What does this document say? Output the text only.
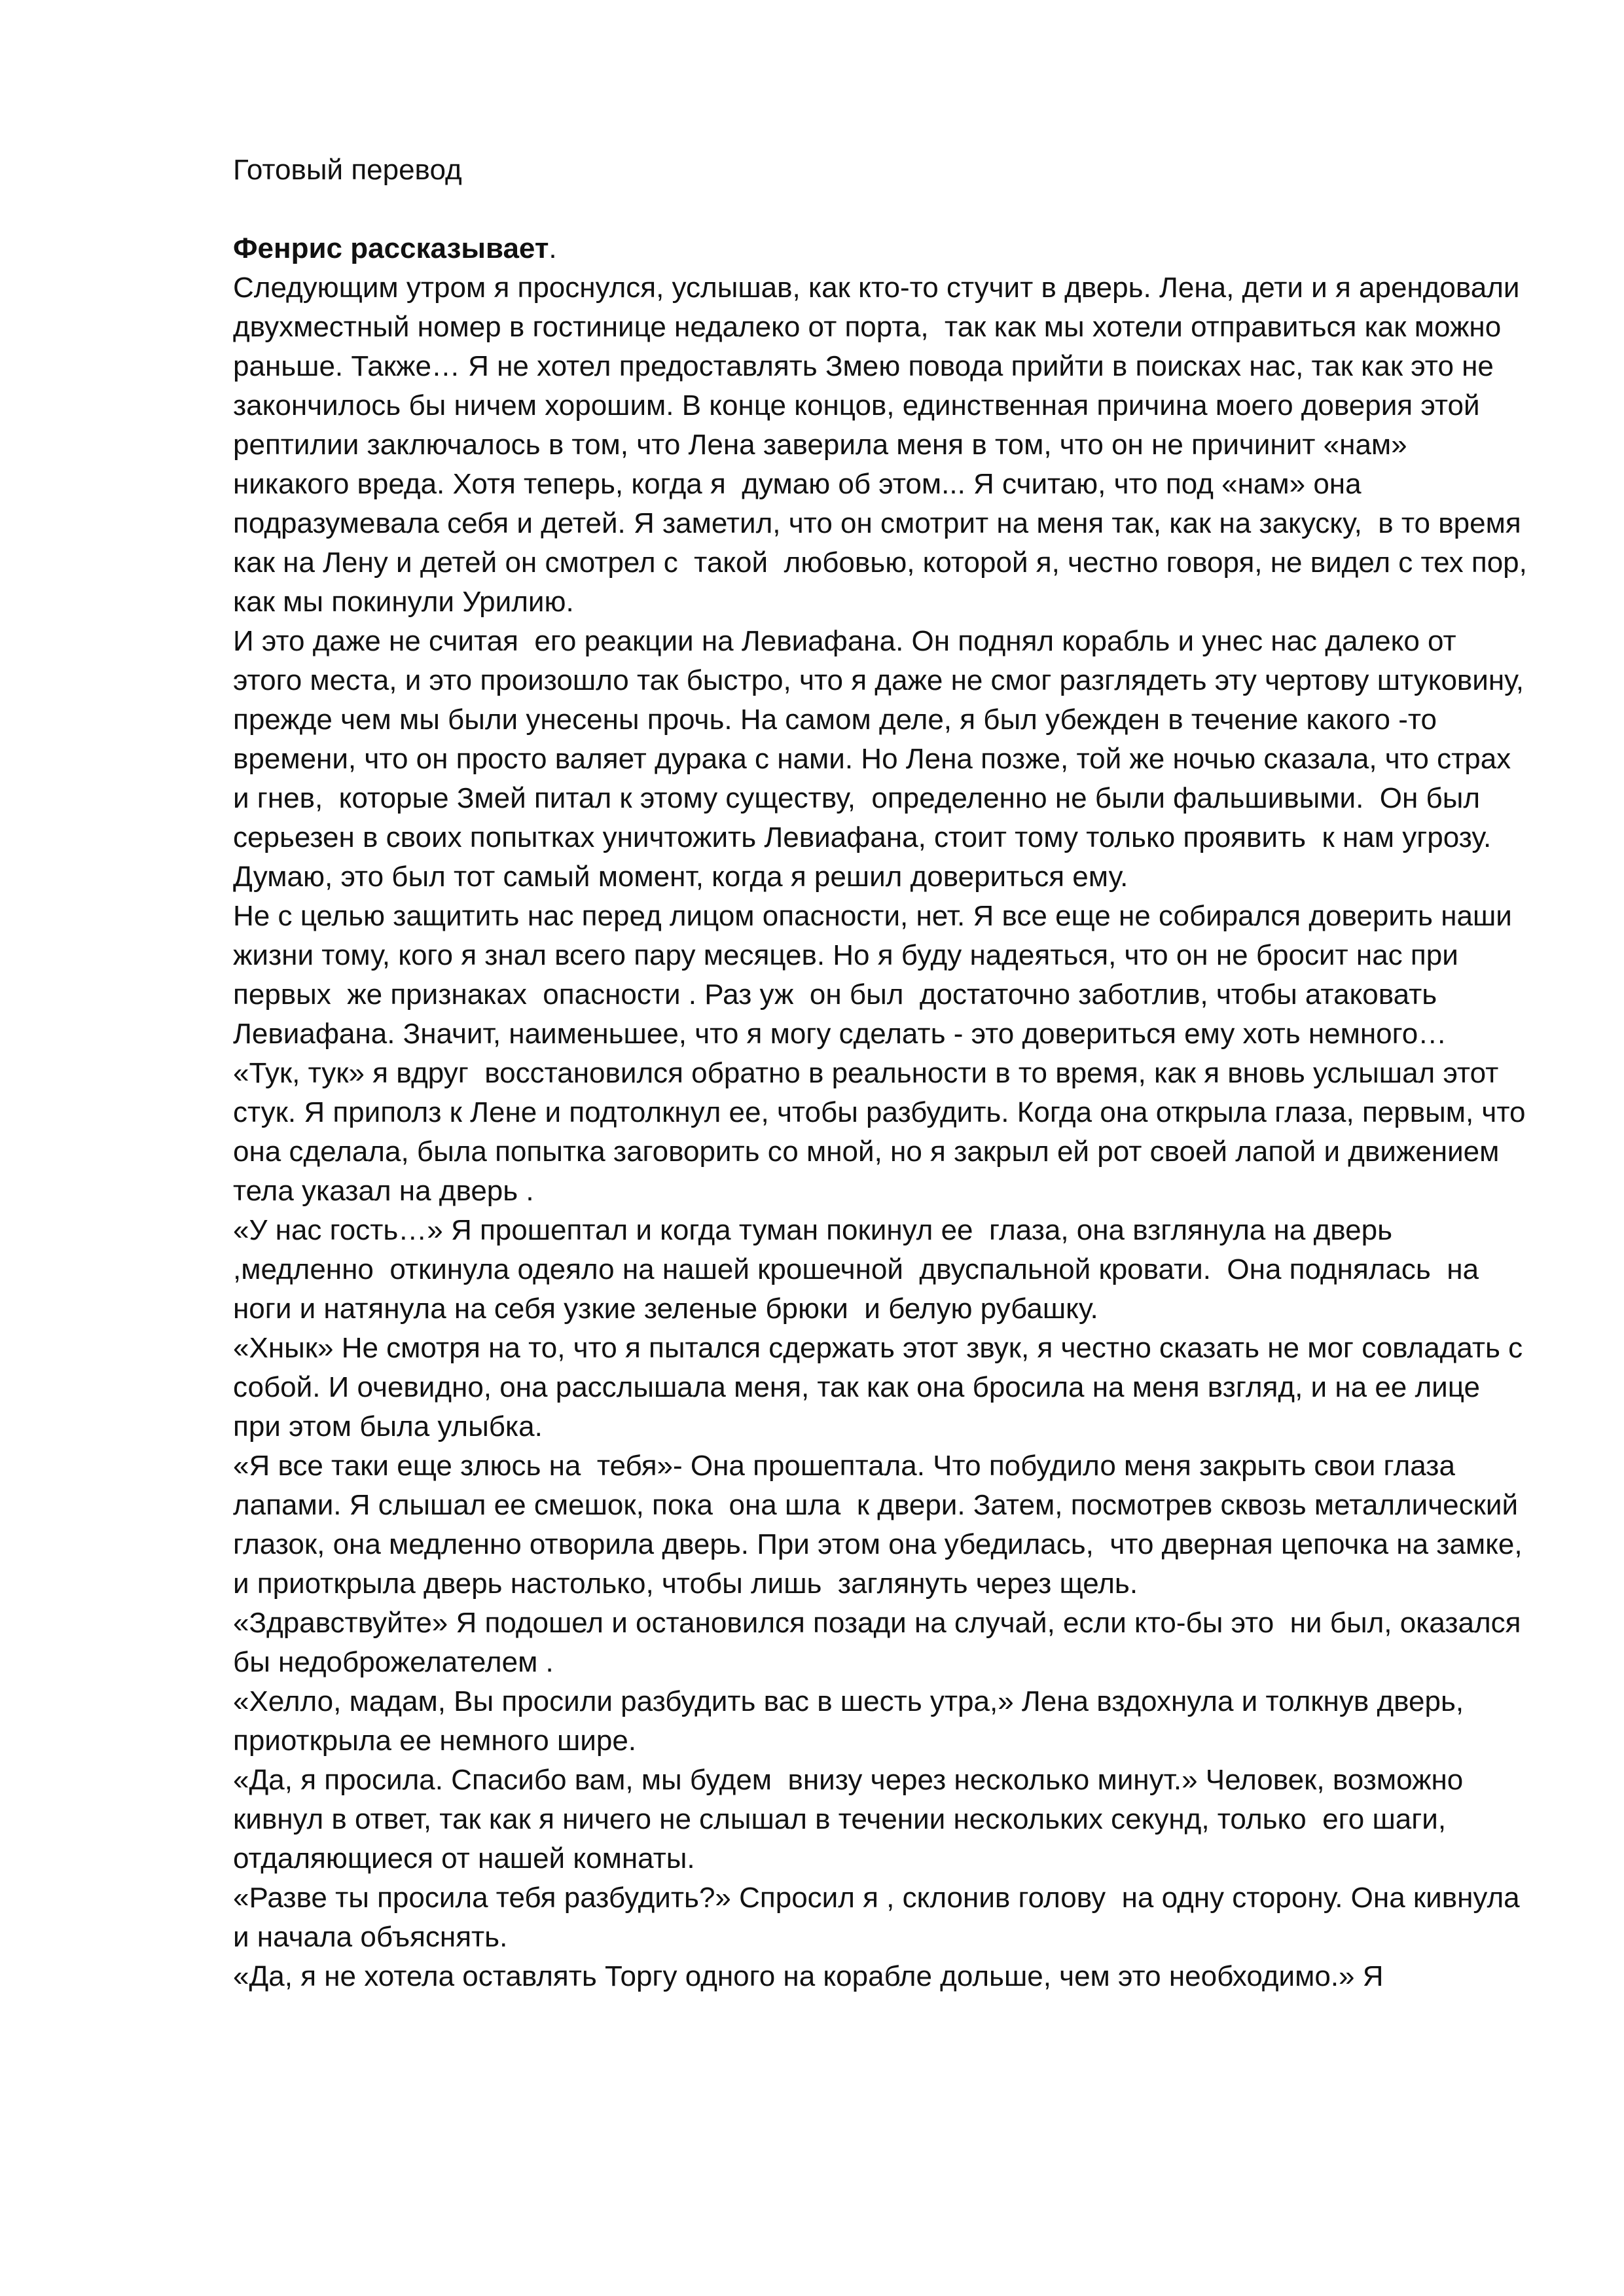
Готовый перевод

Фенрис рассказывает.

Следующим утром я проснулся, услышав, как кто-то стучит в дверь. Лена, дети и я арендовали двухместный номер в гостинице недалеко от порта,  так как мы хотели отправиться как можно раньше. Также… Я не хотел предоставлять Змею повода прийти в поисках нас, так как это не закончилось бы ничем хорошим. В конце концов, единственная причина моего доверия этой рептилии заключалось в том, что Лена заверила меня в том, что он не причинит «нам» никакого вреда. Хотя теперь, когда я  думаю об этом... Я считаю, что под «нам» она подразумевала себя и детей. Я заметил, что он смотрит на меня так, как на закуску,  в то время как на Лену и детей он смотрел с  такой  любовью, которой я, честно говоря, не видел с тех пор, как мы покинули Урилию.

И это даже не считая  его реакции на Левиафана. Он поднял корабль и унес нас далеко от этого места, и это произошло так быстро, что я даже не смог разглядеть эту чертову штуковину,  прежде чем мы были унесены прочь. На самом деле, я был убежден в течение какого -то времени, что он просто валяет дурака с нами. Но Лена позже, той же ночью сказала, что страх и гнев,  которые Змей питал к этому существу,  определенно не были фальшивыми.  Он был серьезен в своих попытках уничтожить Левиафана, стоит тому только проявить  к нам угрозу. Думаю, это был тот самый момент, когда я решил довериться ему.

Не с целью защитить нас перед лицом опасности, нет. Я все еще не собирался доверить наши жизни тому, кого я знал всего пару месяцев. Но я буду надеяться, что он не бросит нас при первых  же признаках  опасности . Раз уж  он был  достаточно заботлив, чтобы атаковать  Левиафана. Значит, наименьшее, что я могу сделать - это довериться ему хоть немного…

«Тук, тук» я вдруг  восстановился обратно в реальности в то время, как я вновь услышал этот стук. Я приполз к Лене и подтолкнул ее, чтобы разбудить. Когда она открыла глаза, первым, что она сделала, была попытка заговорить со мной, но я закрыл ей рот своей лапой и движением тела указал на дверь .

«У нас гость…» Я прошептал и когда туман покинул ее  глаза, она взглянула на дверь ,медленно  откинула одеяло на нашей крошечной  двуспальной кровати.  Она поднялась  на ноги и натянула на себя узкие зеленые брюки  и белую рубашку.

«Хнык» Не смотря на то, что я пытался сдержать этот звук, я честно сказать не мог совладать с собой. И очевидно, она расслышала меня, так как она бросила на меня взгляд, и на ее лице при этом была улыбка.

«Я все таки еще злюсь на  тебя»- Она прошептала. Что побудило меня закрыть свои глаза лапами. Я слышал ее смешок, пока  она шла  к двери. Затем, посмотрев сквозь металлический глазок, она медленно отворила дверь. При этом она убедилась,  что дверная цепочка на замке, и приоткрыла дверь настолько, чтобы лишь  заглянуть через щель.

«Здравствуйте» Я подошел и остановился позади на случай, если кто-бы это  ни был, оказался бы недоброжелателем .

«Хелло, мадам, Вы просили разбудить вас в шесть утра,» Лена вздохнула и толкнув дверь, приоткрыла ее немного шире.

«Да, я просила. Спасибо вам, мы будем  внизу через несколько минут.» Человек, возможно кивнул в ответ, так как я ничего не слышал в течении нескольких секунд, только  его шаги, отдаляющиеся от нашей комнаты.

«Разве ты просила тебя разбудить?» Спросил я , склонив голову  на одну сторону. Она кивнула и начала объяснять.

«Да, я не хотела оставлять Торгу одного на корабле дольше, чем это необходимо.» Я
